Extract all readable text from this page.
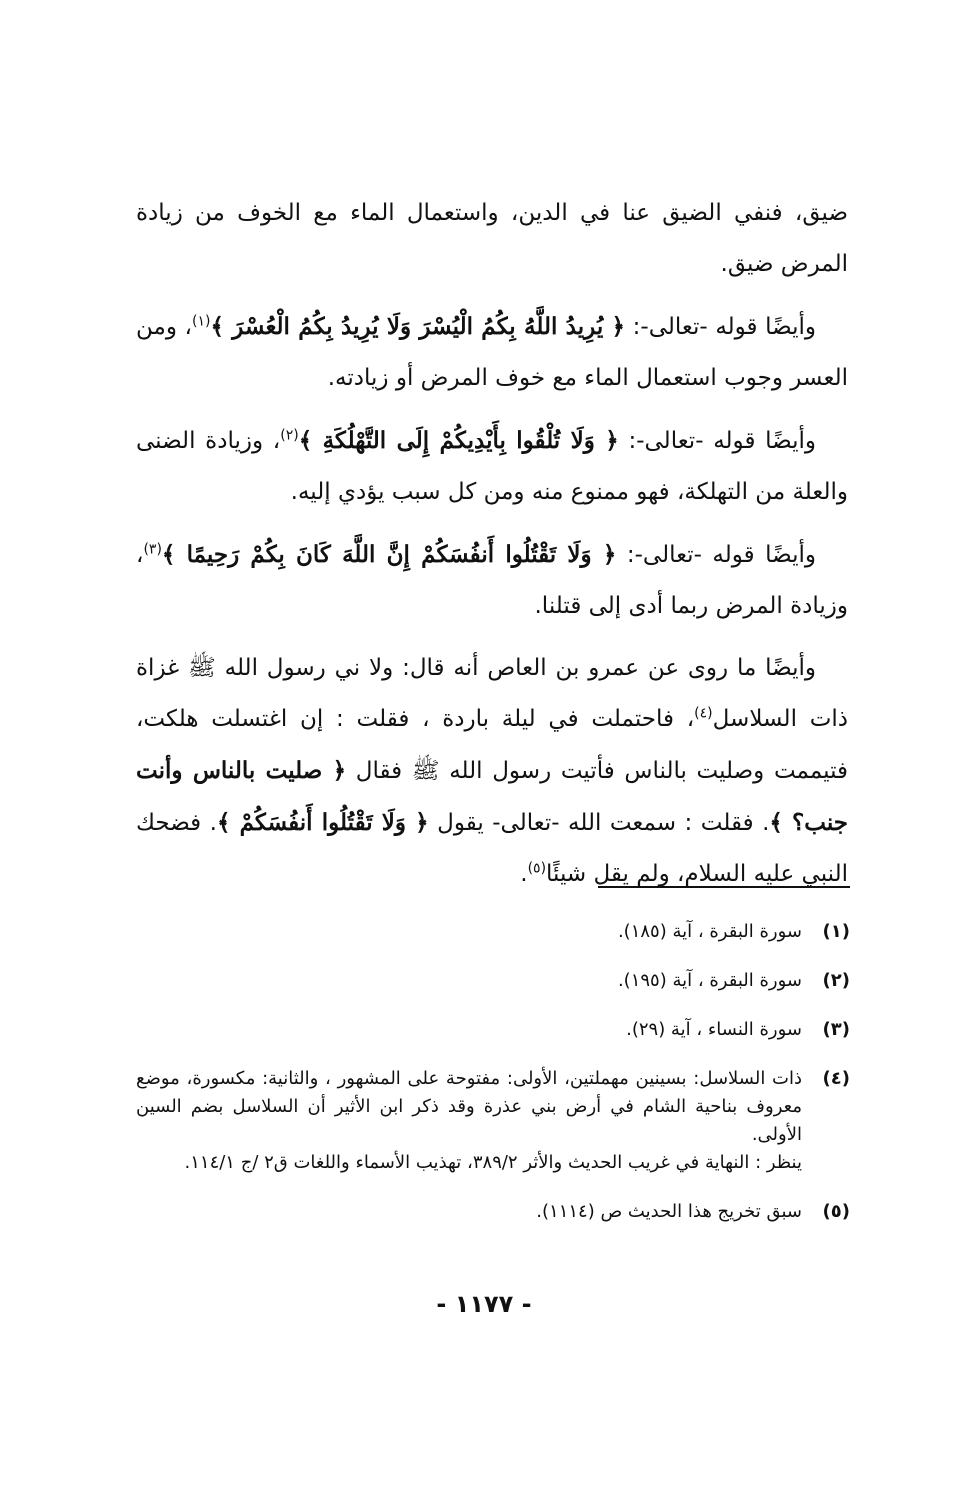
ضيق، فنفي الضيق عنا في الدين، واستعمال الماء مع الخوف من زيادة المرض ضيق.

وأيضًا قوله -تعالى-: ﴿ يُرِيدُ اللَّهُ بِكُمُ الْيُسْرَ وَلَا يُرِيدُ بِكُمُ الْعُسْرَ ﴾$^{(١)}$، ومن العسر وجوب استعمال الماء مع خوف المرض أو زيادته.

وأيضًا قوله -تعالى-: ﴿ وَلَا تُلْقُوا بِأَيْدِيكُمْ إِلَى التَّهْلُكَةِ ﴾$^{(٢)}$، وزيادة الضنى والعلة من التهلكة، فهو ممنوع منه ومن كل سبب يؤدي إليه.

وأيضًا قوله -تعالى-: ﴿ وَلَا تَقْتُلُوا أَنفُسَكُمْ إِنَّ اللَّهَ كَانَ بِكُمْ رَحِيمًا ﴾$^{(٣)}$، وزيادة المرض ربما أدى إلى قتلنا.

وأيضًا ما روى عن عمرو بن العاص أنه قال: ولا ني رسول الله ﷺ غزاة ذات السلاسل$^{(٤)}$، فاحتملت في ليلة باردة ، فقلت : إن اغتسلت هلكت، فتيممت وصليت بالناس فأتيت رسول الله ﷺ فقال ﴿ صليت بالناس وأنت جنب؟ ﴾. فقلت : سمعت الله -تعالى- يقول ﴿ وَلَا تَقْتُلُوا أَنفُسَكُمْ ﴾. فضحك النبي عليه السلام، ولم يقل شيئًا$^{(٥)}$.

(١)
سورة البقرة ، آية (١٨٥).
(٢)
سورة البقرة ، آية (١٩٥).
(٣)
سورة النساء ، آية (٢٩).
(٤)
ذات السلاسل: بسينين مهملتين، الأولى: مفتوحة على المشهور ، والثانية: مكسورة، موضع معروف بناحية الشام في أرض بني عذرة وقد ذكر ابن الأثير أن السلاسل بضم السين الأولى.
ينظر : النهاية في غريب الحديث والأثر ٣٨٩/٢، تهذيب الأسماء واللغات ق٢ /ج ١١٤/١.
(٥)
سبق تخريج هذا الحديث ص (١١١٤).
- ١١٧٧ -
